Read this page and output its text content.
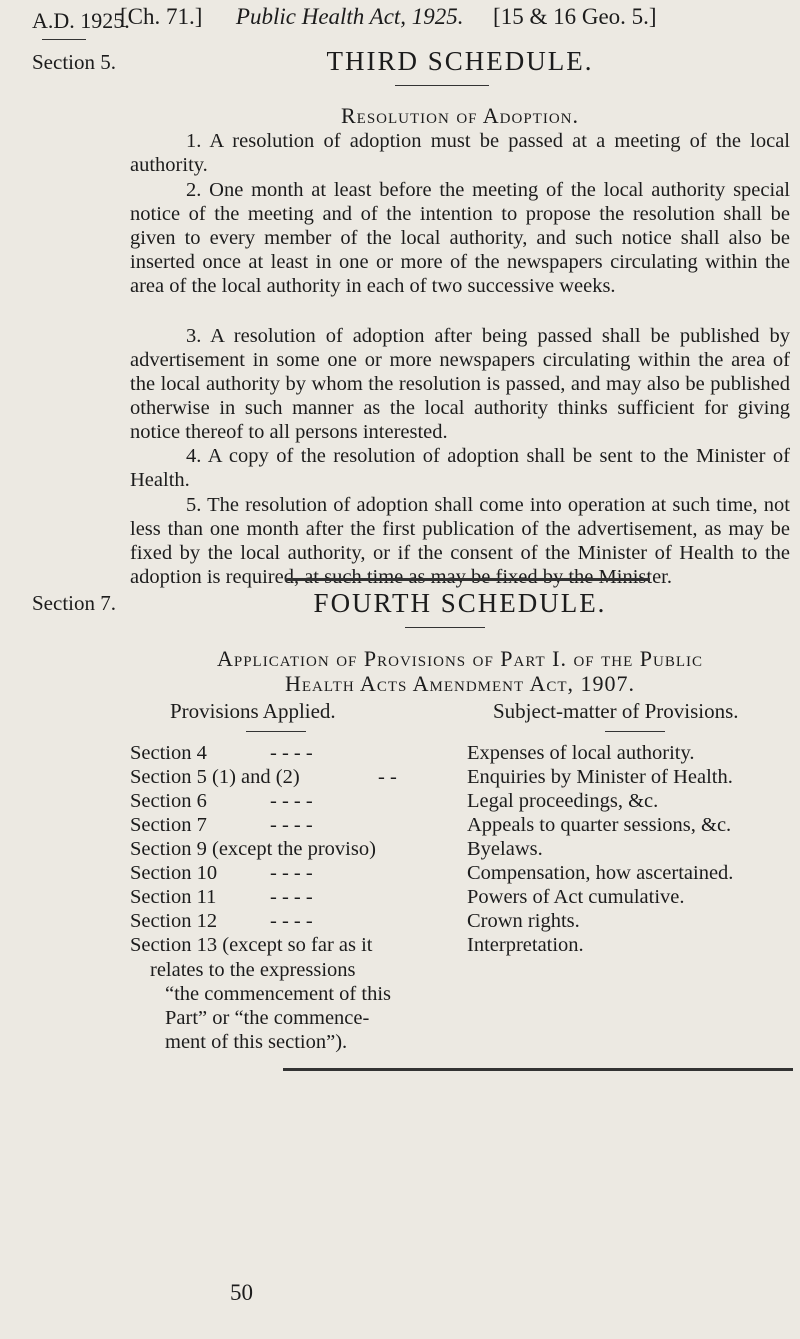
A.D. 1925.
Section 5.
Section 7.
[Ch. 71.] Public Health Act, 1925. [15 & 16 Geo. 5.]
THIRD SCHEDULE.
Resolution of Adoption.

1. A resolution of adoption must be passed at a meeting of the local authority.

2. One month at least before the meeting of the local authority special notice of the meeting and of the intention to propose the resolution shall be given to every member of the local authority, and such notice shall also be inserted once at least in one or more of the newspapers circulating within the area of the local authority in each of two successive weeks.

3. A resolution of adoption after being passed shall be published by advertisement in some one or more newspapers circulating within the area of the local authority by whom the resolution is passed, and may also be published otherwise in such manner as the local authority thinks sufficient for giving notice thereof to all persons interested.

4. A copy of the resolution of adoption shall be sent to the Minister of Health.

5. The resolution of adoption shall come into operation at such time, not less than one month after the first publication of the advertisement, as may be fixed by the local authority, or if the consent of the Minister of Health to the adoption is required, at such time as may be fixed by the Minister.

FOURTH SCHEDULE.
Application of Provisions of Part I. of the Public
Health Acts Amendment Act, 1907.
Provisions Applied.	Subject-matter of Provisions.
Section 4	- - - -	Expenses of local authority.
Section 5 (1) and (2)	- -	Enquiries by Minister of Health.
Section 6	- - - -	Legal proceedings, &c.
Section 7	- - - -	Appeals to quarter sessions, &c.
Section 9 (except the proviso)	Byelaws.
Section 10	- - - -	Compensation, how ascertained.
Section 11	- - - -	Powers of Act cumulative.
Section 12	- - - -	Crown rights.
Section 13 (except so far as it	Interpretation.
relates to the expressions
“the commencement of this
Part” or “the commence-
ment of this section”).
50
